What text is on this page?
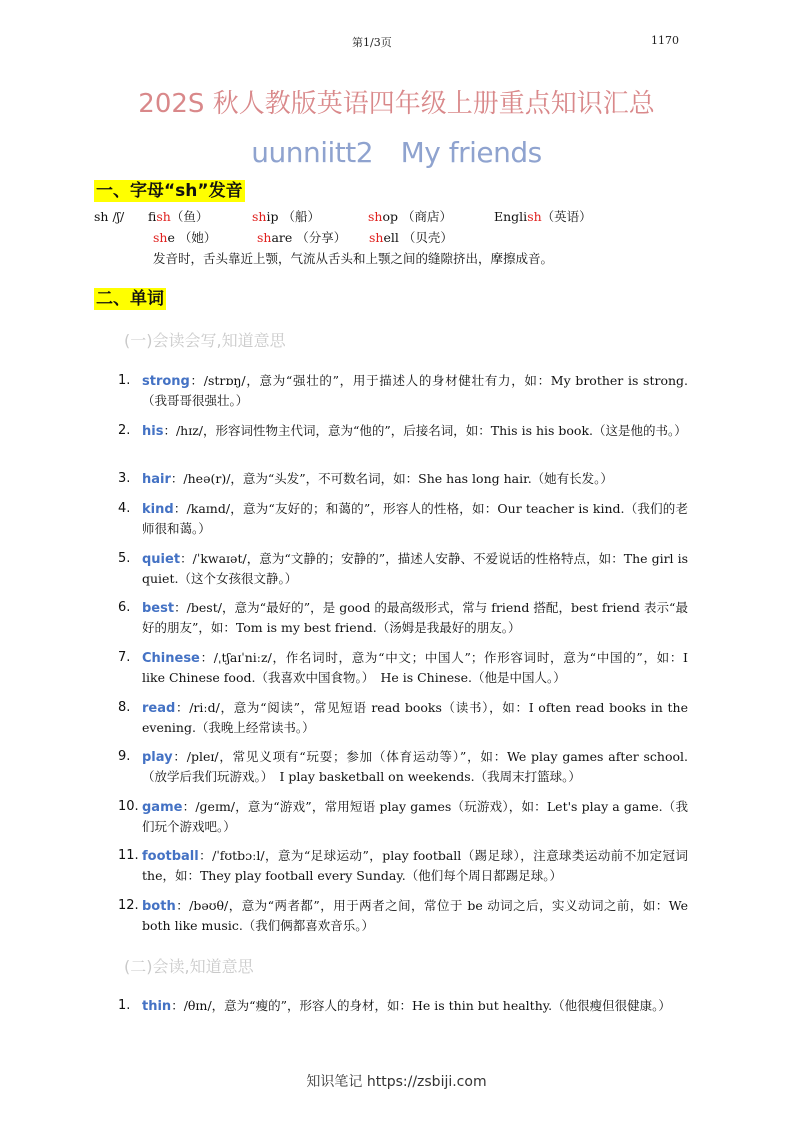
第1/3页	1170
202S 秋人教版英语四年级上册重点知识汇总
uunniitt2　My friends
一、字母“sh”发音
sh /ʃ/ fish（鱼）	ship （船）	shop （商店）	English（英语）
she （她）	share （分享） shell （贝壳）
发音时，舌头靠近上颚，气流从舌头和上颚之间的缝隙挤出，摩擦成音。
二、单词
(一)会读会写,知道意思
1. strong：/strɒŋ/，意为“强壮的”，用于描述人的身材健壮有力，如：My brother is strong.（我哥哥很强壮。）
2. his：/hɪz/，形容词性物主代词，意为“他的”，后接名词，如：This is his book.（这是他的书。）
3. hair：/heə(r)/，意为“头发”，不可数名词，如：She has long hair.（她有长发。）
4. kind：/kaɪnd/，意为“友好的；和蔼的”，形容人的性格，如：Our teacher is kind.（我们的老师很和蔼。）
5. quiet：/ˈkwaɪət/，意为“文静的；安静的”，描述人安静、不爱说话的性格特点，如：The girl is quiet.（这个女孩很文静。）
6. best：/best/，意为“最好的”，是 good 的最高级形式，常与 friend 搭配，best friend 表示“最好的朋友”，如：Tom is my best friend.（汤姆是我最好的朋友。）
7. Chinese：/ˌtʃaɪˈniːz/，作名词时，意为“中文；中国人”；作形容词时，意为“中国的”，如：I like Chinese food.（我喜欢中国食物。）　He is Chinese.（他是中国人。）
8. read：/riːd/，意为“阅读”，常见短语 read books（读书），如：I often read books in the evening.（我晚上经常读书。）
9. play：/pleɪ/，常见义项有“玩耍；参加（体育运动等）”，如：We play games after school.（放学后我们玩游戏。）　I play basketball on weekends.（我周末打篮球。）
10. game：/ɡeɪm/，意为“游戏”，常用短语 play games（玩游戏），如：Let's play a game.（我们玩个游戏吧。）
11. football：/ˈfʊtbɔːl/，意为“足球运动”，play football（踢足球），注意球类运动前不加定冠词 the，如：They play football every Sunday.（他们每个周日都踢足球。）
12. both：/bəʊθ/，意为“两者都”，用于两者之间，常位于 be 动词之后，实义动词之前，如：We both like music.（我们俩都喜欢音乐。）
(二)会读,知道意思
1. thin：/θɪn/，意为“瘦的”，形容人的身材，如：He is thin but healthy.（他很瘦但很健康。）
知识笔记 https://zsbiji.com
